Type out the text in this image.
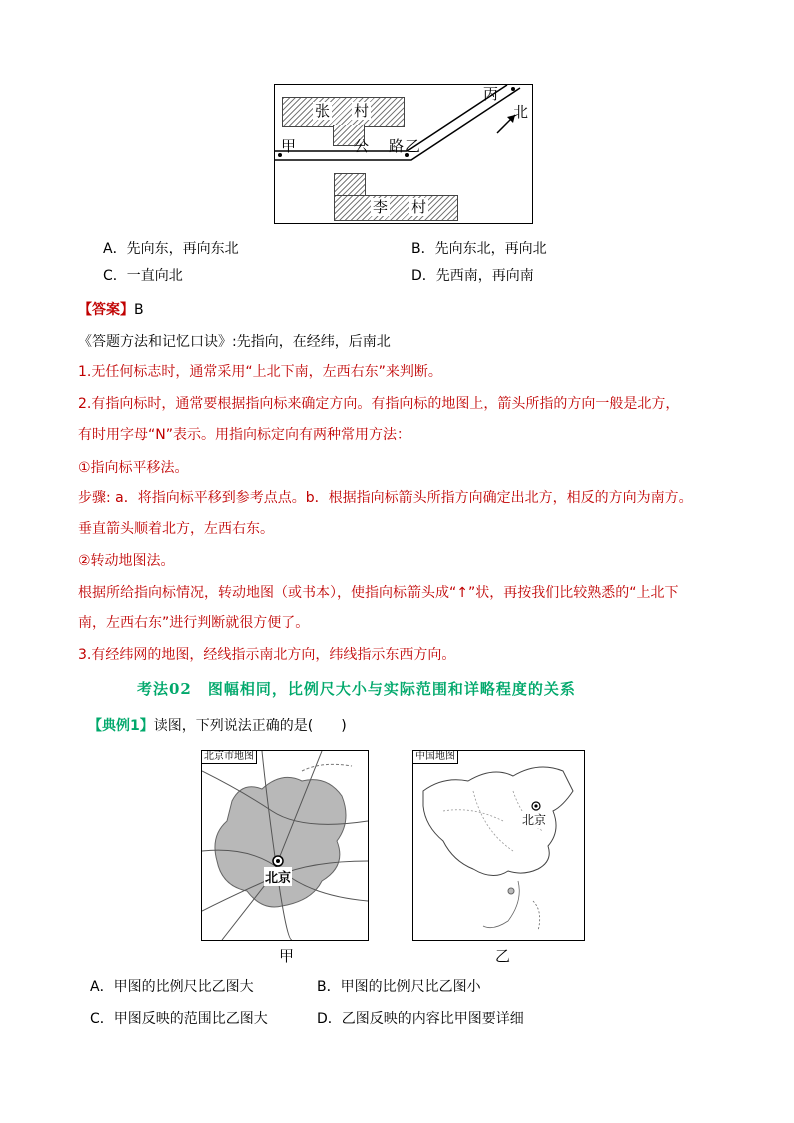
张 村
甲	公 路 乙
丙
北
李 村
A．先向东，再向东北	B．先向东北，再向北
C．一直向北	D．先西南，再向南
【答案】B
《答题方法和记忆口诀》:先指向，在经纬，后南北
1.无任何标志时，通常采用“上北下南，左西右东”来判断。
2.有指向标时，通常要根据指向标来确定方向。有指向标的地图上，箭头所指的方向一般是北方，
有时用字母“N”表示。用指向标定向有两种常用方法：
①指向标平移法。
步骤: a．将指向标平移到参考点点。b．根据指向标箭头所指方向确定出北方，相反的方向为南方。
垂直箭头顺着北方，左西右东。
②转动地图法。
根据所给指向标情况，转动地图（或书本），使指向标箭头成“↑”状，再按我们比较熟悉的“上北下
南，左西右东”进行判断就很方便了。
3.有经纬网的地图，经线指示南北方向，纬线指示东西方向。
考法02　图幅相同，比例尺大小与实际范围和详略程度的关系
【典例1】读图，下列说法正确的是(　　)
北京市地图
北京
甲
中国地图
北京
乙
A．甲图的比例尺比乙图大	B．甲图的比例尺比乙图小
C．甲图反映的范围比乙图大	D．乙图反映的内容比甲图要详细
